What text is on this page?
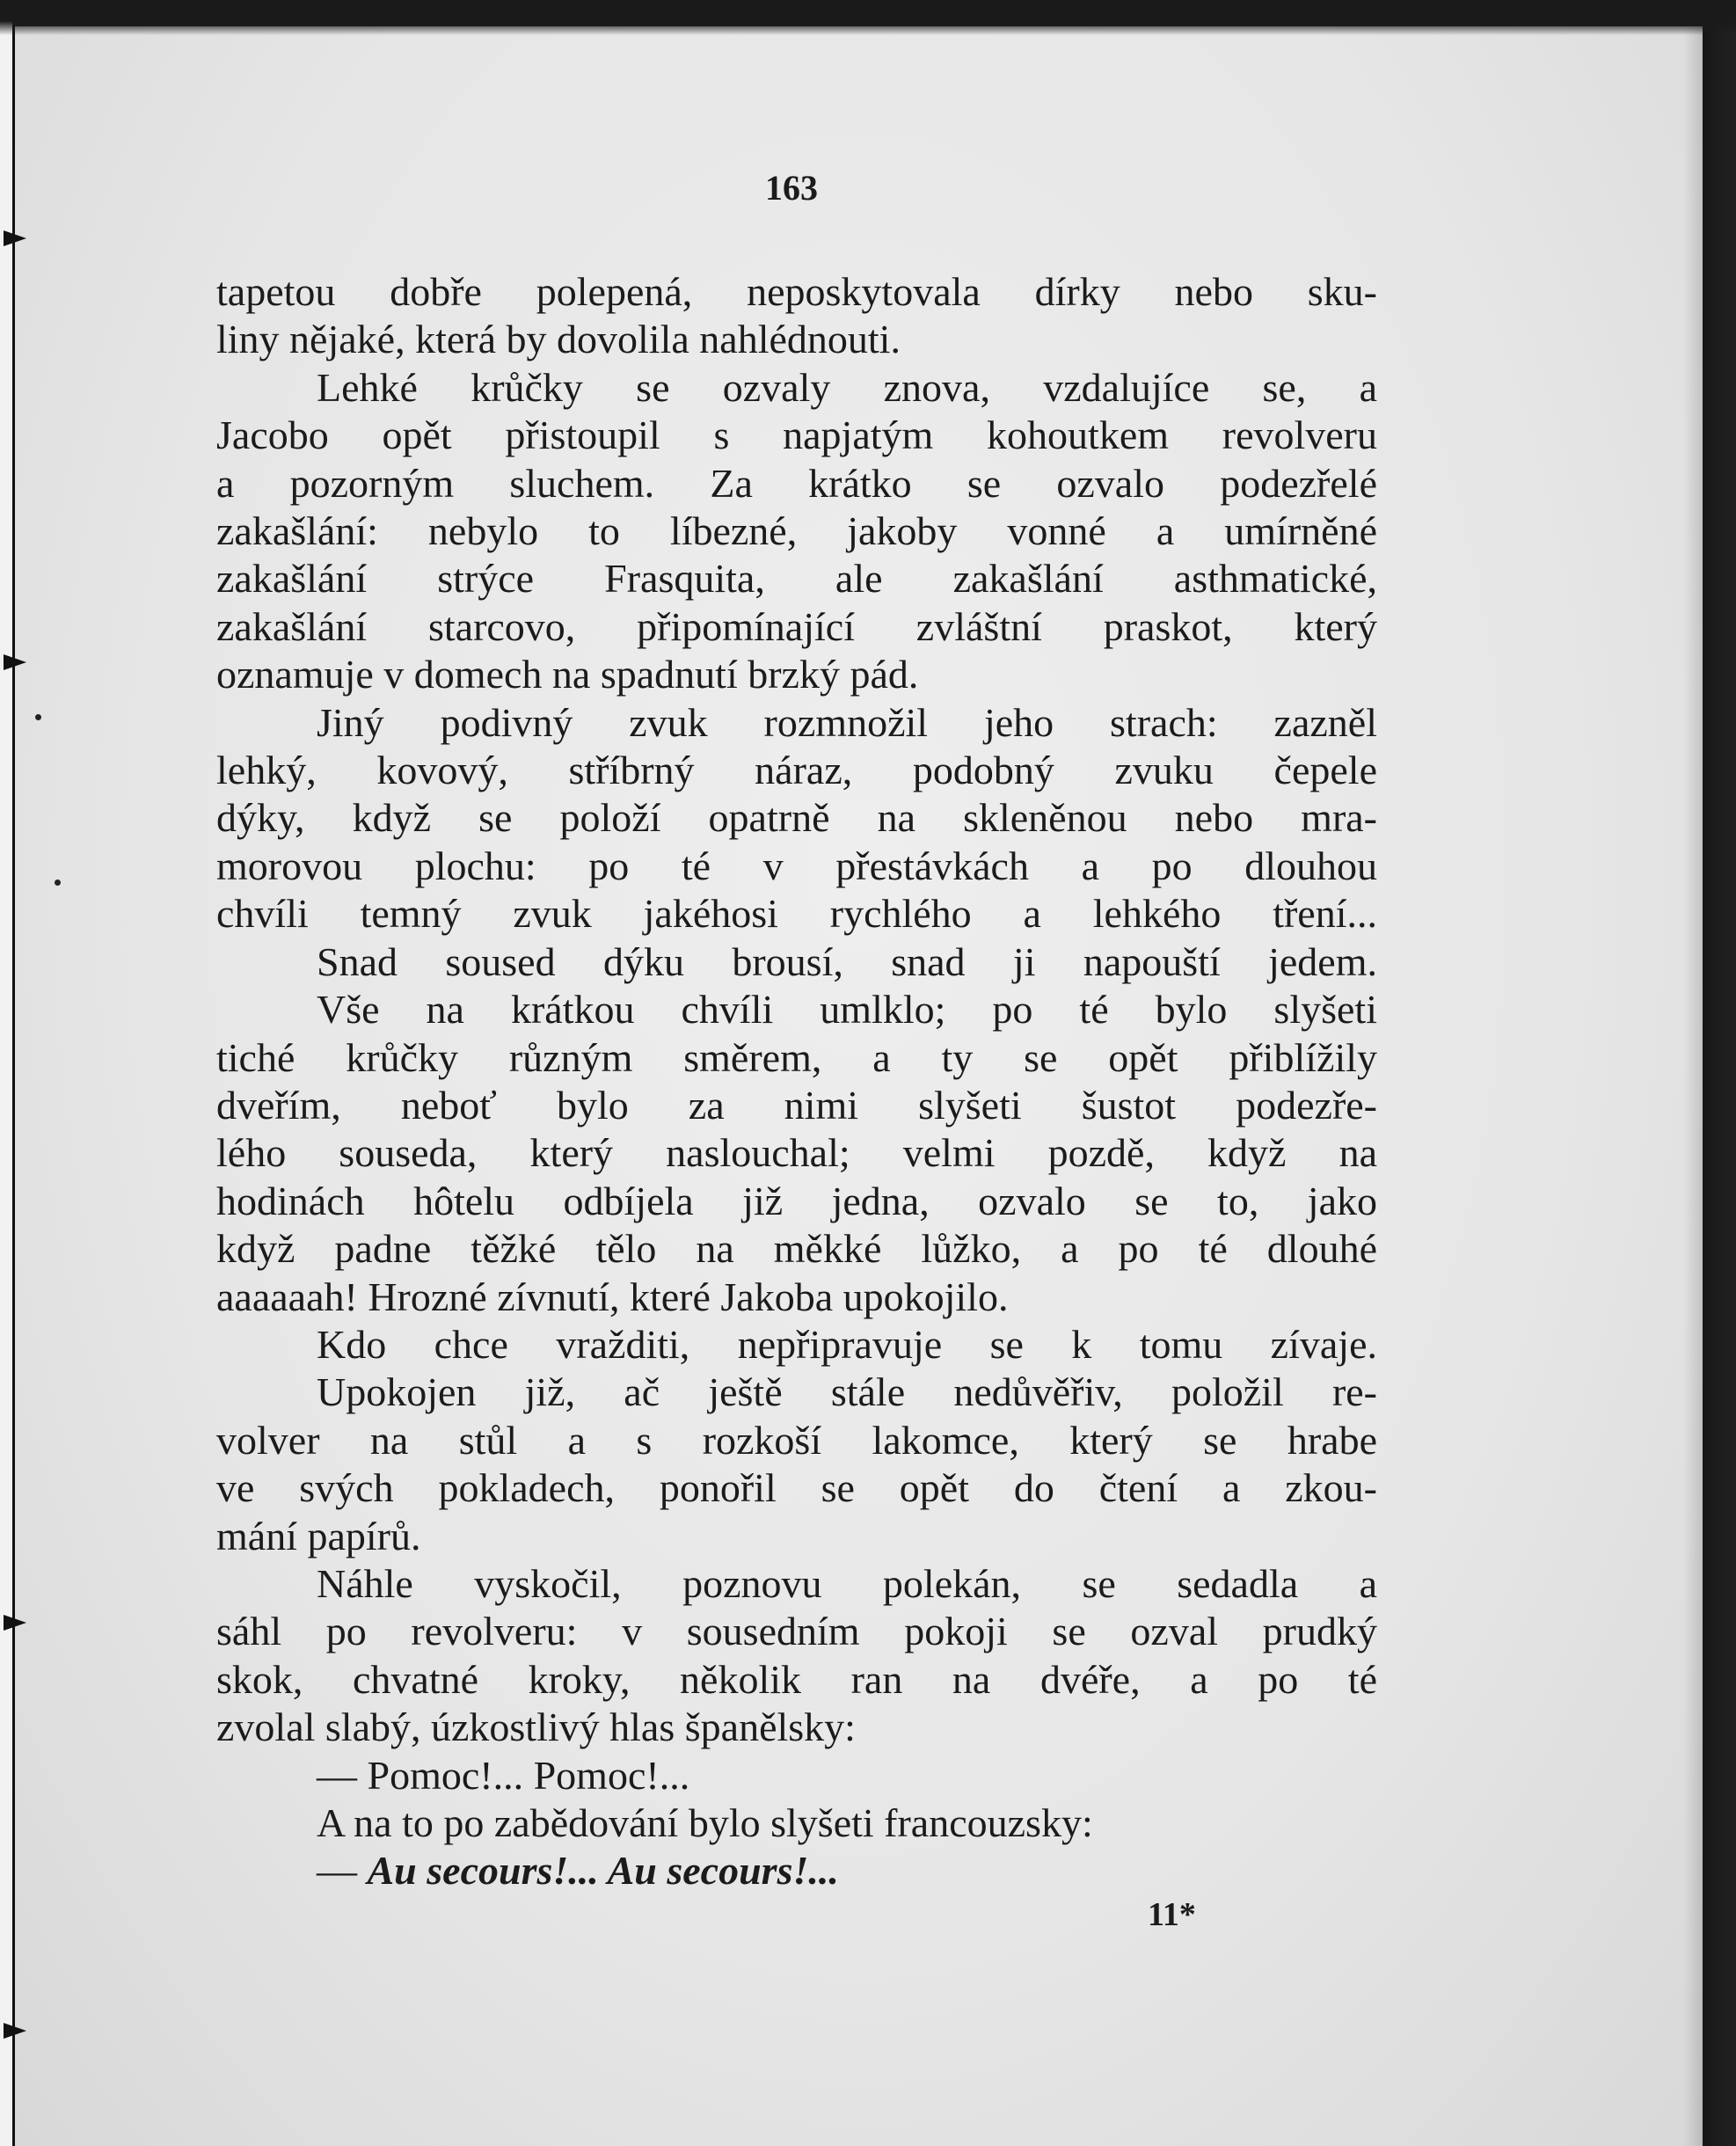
163
tapetou dobře polepená, neposkytovala dírky nebo sku-
liny nějaké, která by dovolila nahlédnouti.
Lehké krůčky se ozvaly znova, vzdalujíce se, a
Jacobo opět přistoupil s napjatým kohoutkem revolveru
a pozorným sluchem. Za krátko se ozvalo podezřelé
zakašlání: nebylo to líbezné, jakoby vonné a umírněné
zakašlání strýce Frasquita, ale zakašlání asthmatické,
zakašlání starcovo, připomínající zvláštní praskot, který
oznamuje v domech na spadnutí brzký pád.
Jiný podivný zvuk rozmnožil jeho strach: zazněl
lehký, kovový, stříbrný náraz, podobný zvuku čepele
dýky, když se položí opatrně na skleněnou nebo mra-
morovou plochu: po té v přestávkách a po dlouhou
chvíli temný zvuk jakéhosi rychlého a lehkého tření...
Snad soused dýku brousí, snad ji napouští jedem.
Vše na krátkou chvíli umlklo; po té bylo slyšeti
tiché krůčky různým směrem, a ty se opět přiblížily
dveřím, neboť bylo za nimi slyšeti šustot podezře-
lého souseda, který naslouchal; velmi pozdě, když na
hodinách hôtelu odbíjela již jedna, ozvalo se to, jako
když padne těžké tělo na měkké lůžko, a po té dlouhé
aaaaaah! Hrozné zívnutí, které Jakoba upokojilo.
Kdo chce vražditi, nepřipravuje se k tomu zívaje.
Upokojen již, ač ještě stále nedůvěřiv, položil re-
volver na stůl a s rozkoší lakomce, který se hrabe
ve svých pokladech, ponořil se opět do čtení a zkou-
mání papírů.
Náhle vyskočil, poznovu polekán, se sedadla a
sáhl po revolveru: v sousedním pokoji se ozval prudký
skok, chvatné kroky, několik ran na dvéře, a po té
zvolal slabý, úzkostlivý hlas španělsky:
— Pomoc!... Pomoc!...
A na to po zabědování bylo slyšeti francouzsky:
— Au secours!... Au secours!...
11*
